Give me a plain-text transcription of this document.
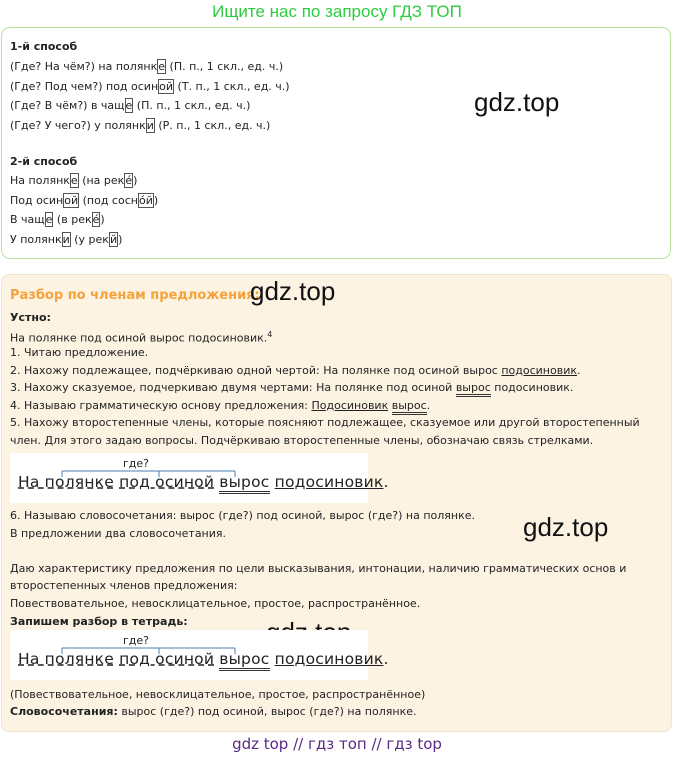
Ищите нас по запросу ГДЗ ТОП
1-й способ
(Где? На чём?) на полянке (П. п., 1 скл., ед. ч.)
(Где? Под чем?) под осиной (Т. п., 1 скл., ед. ч.)
(Где? В чём?) в чаще (П. п., 1 скл., ед. ч.)
(Где? У чего?) у полянки (Р. п., 1 скл., ед. ч.)
2-й способ
На полянке (на рекé)
Под осиной (под соснóй)
В чаще (в рекé)
У полянки (у рекй)
gdz.top
Разбор по членам предложения:
gdz.top
Устно:
На полянке под осиной вырос подосиновик.$^4$
1. Читаю предложение.
2. Нахожу подлежащее, подчёркиваю одной чертой: На полянке под осиной вырос подосиновик.
3. Нахожу сказуемое, подчеркиваю двумя чертами: На полянке под осиной вырос подосиновик.
4. Называю грамматическую основу предложения: Подосиновик вырос.
5. Нахожу второстепенные члены, которые поясняют подлежащее, сказуемое или другой второстепенный
член. Для этого задаю вопросы. Подчёркиваю второстепенные члены, обозначаю связь стрелками.
где?
На полянке под осиной вырос подосиновик.
6. Называю словосочетания: вырос (где?) под осиной, вырос (где?) на полянке.
В предложении два словосочетания.	gdz.top
Даю характеристику предложения по цели высказывания, интонации, наличию грамматических основ и
второстепенных членов предложения:
Повествовательное, невосклицательное, простое, распространённое.
Запишем разбор в тетрадь:
где?
На полянке под осиной вырос подосиновик.
(Повествовательное, невосклицательное, простое, распространённое)
Словосочетания: вырос (где?) под осиной, вырос (где?) на полянке.
gdz top // гдз топ // гдз top
